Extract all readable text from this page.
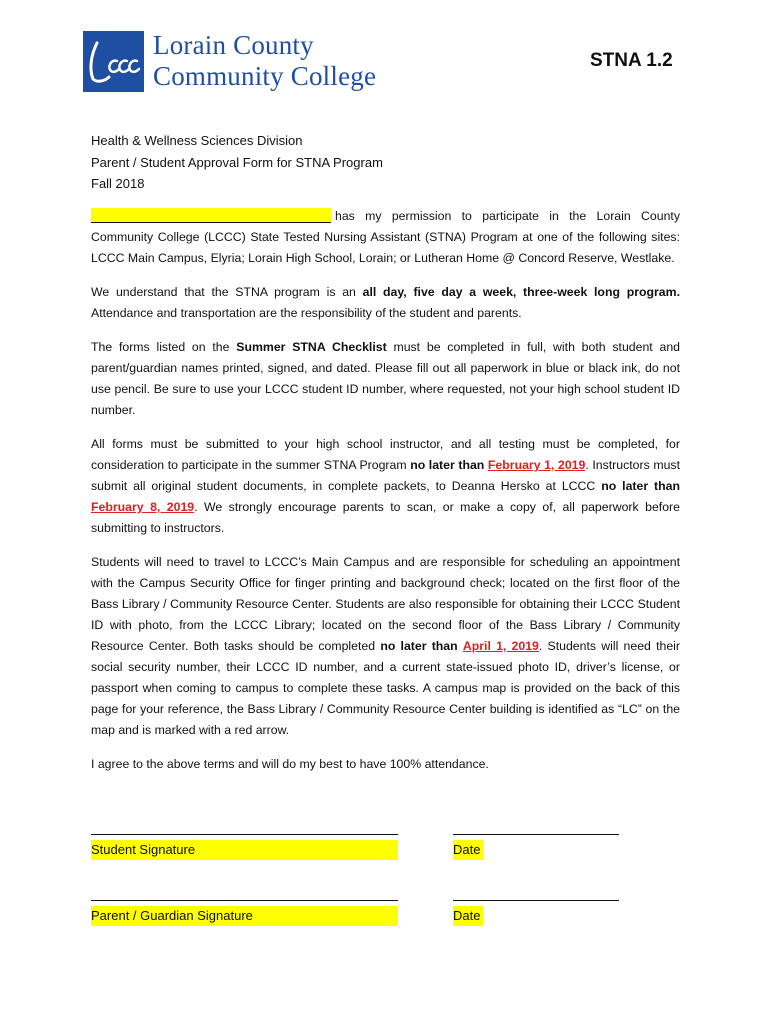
Lorain County
Community College
STNA 1.2
Health & Wellness Sciences Division
Parent / Student Approval Form for STNA Program
Fall 2018

has my permission to participate in the Lorain County Community College (LCCC) State Tested Nursing Assistant (STNA) Program at one of the following sites: LCCC Main Campus, Elyria; Lorain High School, Lorain; or Lutheran Home @ Concord Reserve, Westlake.

We understand that the STNA program is an all day, five day a week, three-week long program. Attendance and transportation are the responsibility of the student and parents.

The forms listed on the Summer STNA Checklist must be completed in full, with both student and parent/guardian names printed, signed, and dated. Please fill out all paperwork in blue or black ink, do not use pencil. Be sure to use your LCCC student ID number, where requested, not your high school student ID number.

All forms must be submitted to your high school instructor, and all testing must be completed, for consideration to participate in the summer STNA Program no later than February 1, 2019. Instructors must submit all original student documents, in complete packets, to Deanna Hersko at LCCC no later than February 8, 2019. We strongly encourage parents to scan, or make a copy of, all paperwork before submitting to instructors.

Students will need to travel to LCCC’s Main Campus and are responsible for scheduling an appointment with the Campus Security Office for finger printing and background check; located on the first floor of the Bass Library / Community Resource Center. Students are also responsible for obtaining their LCCC Student ID with photo, from the LCCC Library; located on the second floor of the Bass Library / Community Resource Center. Both tasks should be completed no later than April 1, 2019. Students will need their social security number, their LCCC ID number, and a current state-issued photo ID, driver’s license, or passport when coming to campus to complete these tasks. A campus map is provided on the back of this page for your reference, the Bass Library / Community Resource Center building is identified as “LC” on the map and is marked with a red arrow.

I agree to the above terms and will do my best to have 100% attendance.

Student Signature	Date
Parent / Guardian Signature	Date
